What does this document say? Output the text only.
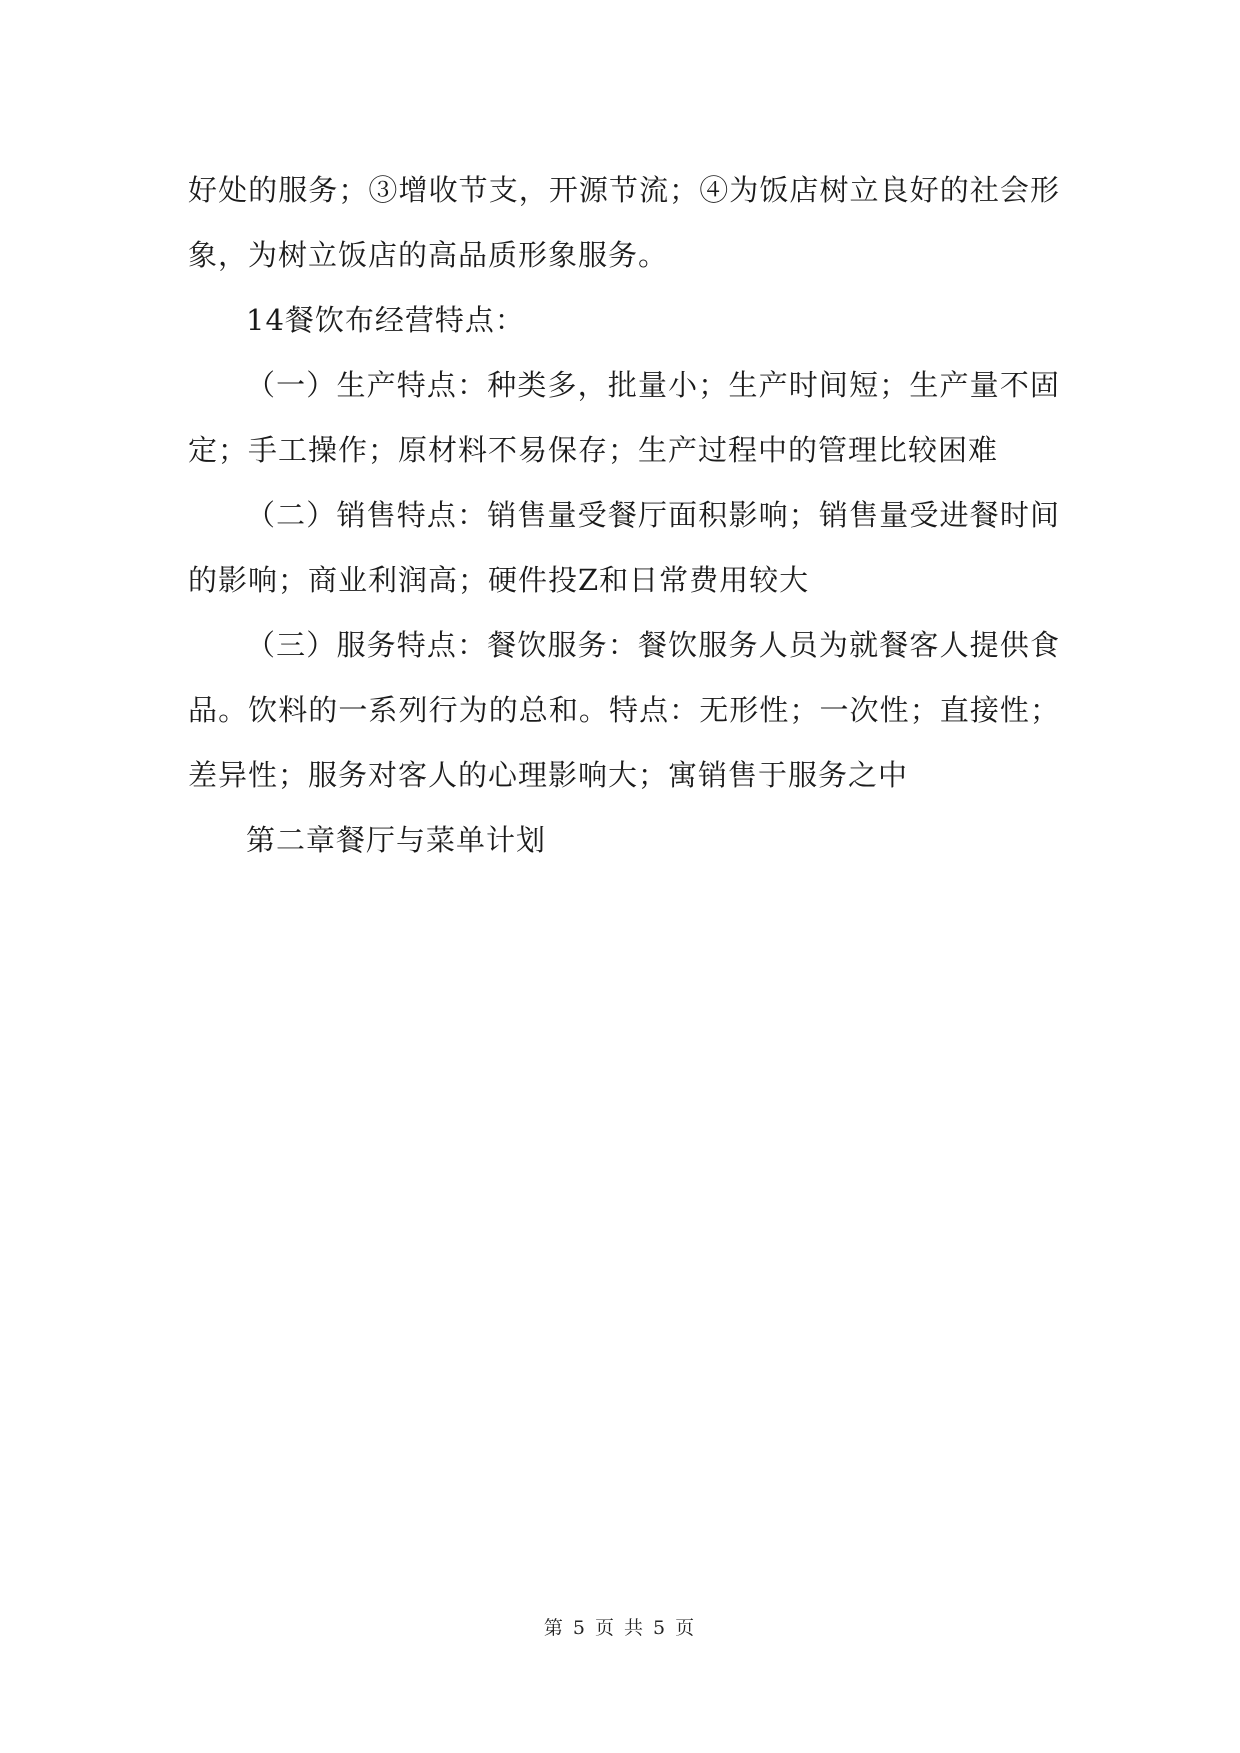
好处的服务；③增收节支，开源节流；④为饭店树立良好的社会形象，为树立饭店的高品质形象服务。

14餐饮布经营特点：

（一）生产特点：种类多，批量小；生产时间短；生产量不固定；手工操作；原材料不易保存；生产过程中的管理比较困难

（二）销售特点：销售量受餐厅面积影响；销售量受进餐时间的影响；商业利润高；硬件投Z和日常费用较大

（三）服务特点：餐饮服务：餐饮服务人员为就餐客人提供食品。饮料的一系列行为的总和。特点：无形性；一次性；直接性；差异性；服务对客人的心理影响大；寓销售于服务之中

第二章餐厅与菜单计划

第 5 页 共 5 页
